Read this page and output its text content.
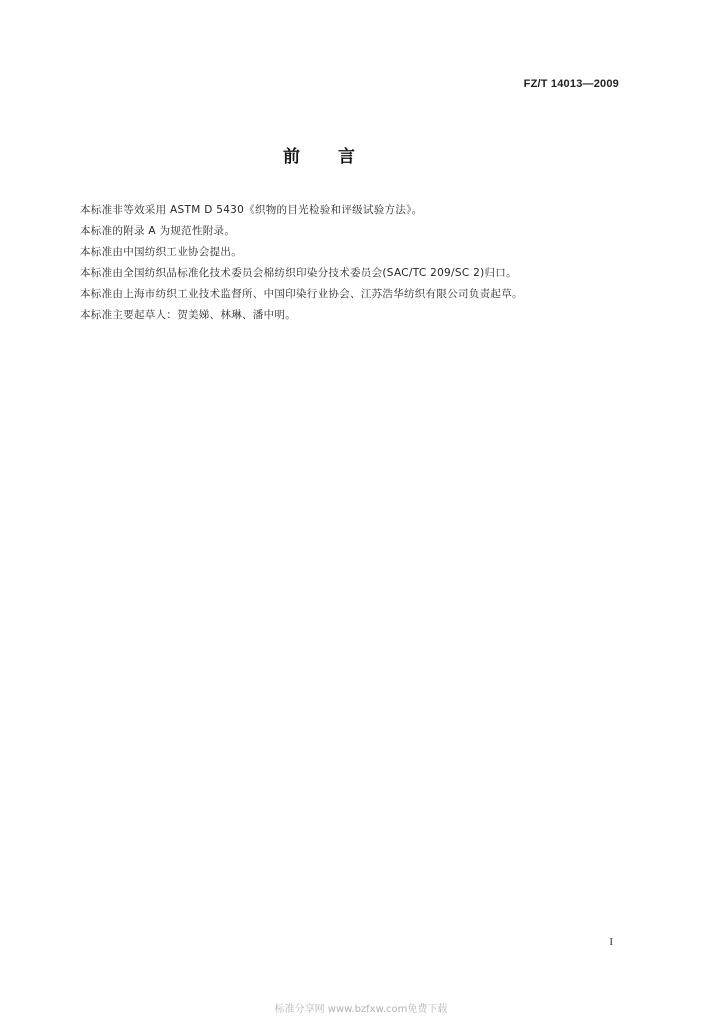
FZ/T 14013—2009
前言
本标准非等效采用 ASTM D 5430《织物的目光检验和评级试验方法》。
本标准的附录 A 为规范性附录。
本标准由中国纺织工业协会提出。
本标准由全国纺织品标准化技术委员会棉纺织印染分技术委员会(SAC/TC 209/SC 2)归口。
本标准由上海市纺织工业技术监督所、中国印染行业协会、江苏浩华纺织有限公司负责起草。
本标准主要起草人：贺美娣、林琳、潘中明。
I
标准分享网 www.bzfxw.com免费下载
